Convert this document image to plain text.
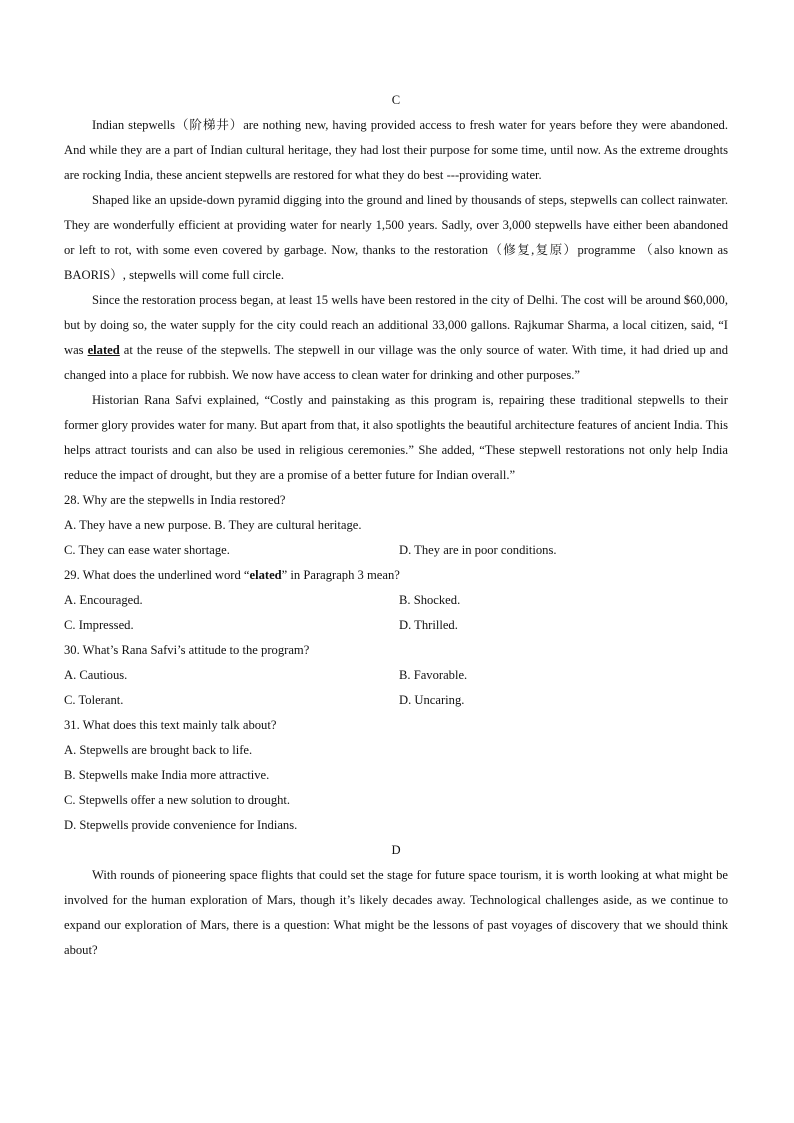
C

Indian stepwells（阶梯井）are nothing new, having provided access to fresh water for years before they were abandoned. And while they are a part of Indian cultural heritage, they had lost their purpose for some time, until now. As the extreme droughts are rocking India, these ancient stepwells are restored for what they do best ---providing water.

Shaped like an upside-down pyramid digging into the ground and lined by thousands of steps, stepwells can collect rainwater. They are wonderfully efficient at providing water for nearly 1,500 years. Sadly, over 3,000 stepwells have either been abandoned or left to rot, with some even covered by garbage. Now, thanks to the restoration（修复,复原）programme （also known as BAORIS）, stepwells will come full circle.

Since the restoration process began, at least 15 wells have been restored in the city of Delhi. The cost will be around $60,000, but by doing so, the water supply for the city could reach an additional 33,000 gallons. Rajkumar Sharma, a local citizen, said, “I was elated at the reuse of the stepwells. The stepwell in our village was the only source of water. With time, it had dried up and changed into a place for rubbish. We now have access to clean water for drinking and other purposes.”

Historian Rana Safvi explained, “Costly and painstaking as this program is, repairing these traditional stepwells to their former glory provides water for many. But apart from that, it also spotlights the beautiful architecture features of ancient India. This helps attract tourists and can also be used in religious ceremonies.” She added, “These stepwell restorations not only help India reduce the impact of drought, but they are a promise of a better future for Indian overall.”

28. Why are the stepwells in India restored?

A. They have a new purpose. B. They are cultural heritage.

C. They can ease water shortage.	D. They are in poor conditions.

29. What does the underlined word “elated” in Paragraph 3 mean?

A. Encouraged.	B. Shocked.
C. Impressed.	D. Thrilled.

30. What’s Rana Safvi’s attitude to the program?

A. Cautious.	B. Favorable.
C. Tolerant.	D. Uncaring.

31. What does this text mainly talk about?

A. Stepwells are brought back to life.

B. Stepwells make India more attractive.

C. Stepwells offer a new solution to drought.

D. Stepwells provide convenience for Indians.

D

With rounds of pioneering space flights that could set the stage for future space tourism, it is worth looking at what might be involved for the human exploration of Mars, though it’s likely decades away. Technological challenges aside, as we continue to expand our exploration of Mars, there is a question: What might be the lessons of past voyages of discovery that we should think about?
